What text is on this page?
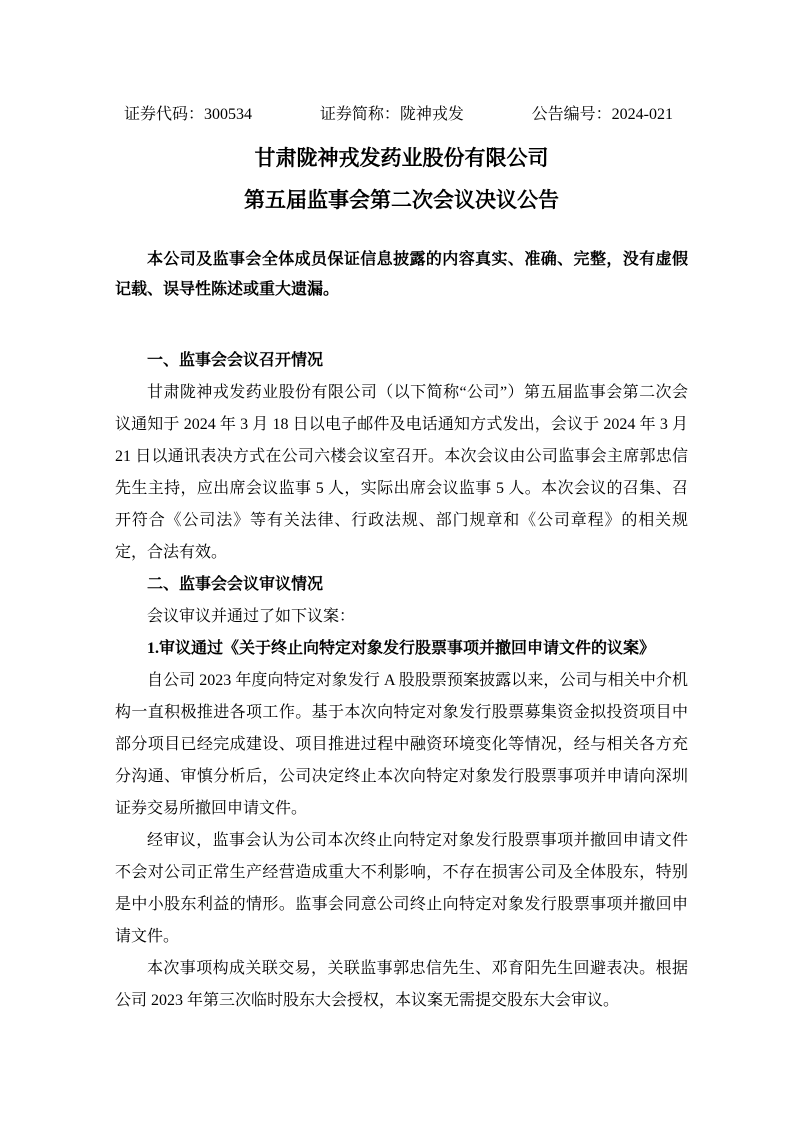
证券代码：300534	证券简称：陇神戎发	公告编号：2024-021
甘肃陇神戎发药业股份有限公司
第五届监事会第二次会议决议公告

本公司及监事会全体成员保证信息披露的内容真实、准确、完整，没有虚假记载、误导性陈述或重大遗漏。

一、监事会会议召开情况

甘肃陇神戎发药业股份有限公司（以下简称“公司”）第五届监事会第二次会议通知于 2024 年 3 月 18 日以电子邮件及电话通知方式发出，会议于 2024 年 3 月 21 日以通讯表决方式在公司六楼会议室召开。本次会议由公司监事会主席郭忠信先生主持，应出席会议监事 5 人，实际出席会议监事 5 人。本次会议的召集、召开符合《公司法》等有关法律、行政法规、部门规章和《公司章程》的相关规定，合法有效。

二、监事会会议审议情况

会议审议并通过了如下议案：

1.审议通过《关于终止向特定对象发行股票事项并撤回申请文件的议案》

自公司 2023 年度向特定对象发行 A 股股票预案披露以来，公司与相关中介机构一直积极推进各项工作。基于本次向特定对象发行股票募集资金拟投资项目中部分项目已经完成建设、项目推进过程中融资环境变化等情况，经与相关各方充分沟通、审慎分析后，公司决定终止本次向特定对象发行股票事项并申请向深圳证券交易所撤回申请文件。

经审议，监事会认为公司本次终止向特定对象发行股票事项并撤回申请文件不会对公司正常生产经营造成重大不利影响，不存在损害公司及全体股东，特别是中小股东利益的情形。监事会同意公司终止向特定对象发行股票事项并撤回申请文件。

本次事项构成关联交易，关联监事郭忠信先生、邓育阳先生回避表决。根据公司 2023 年第三次临时股东大会授权，本议案无需提交股东大会审议。
